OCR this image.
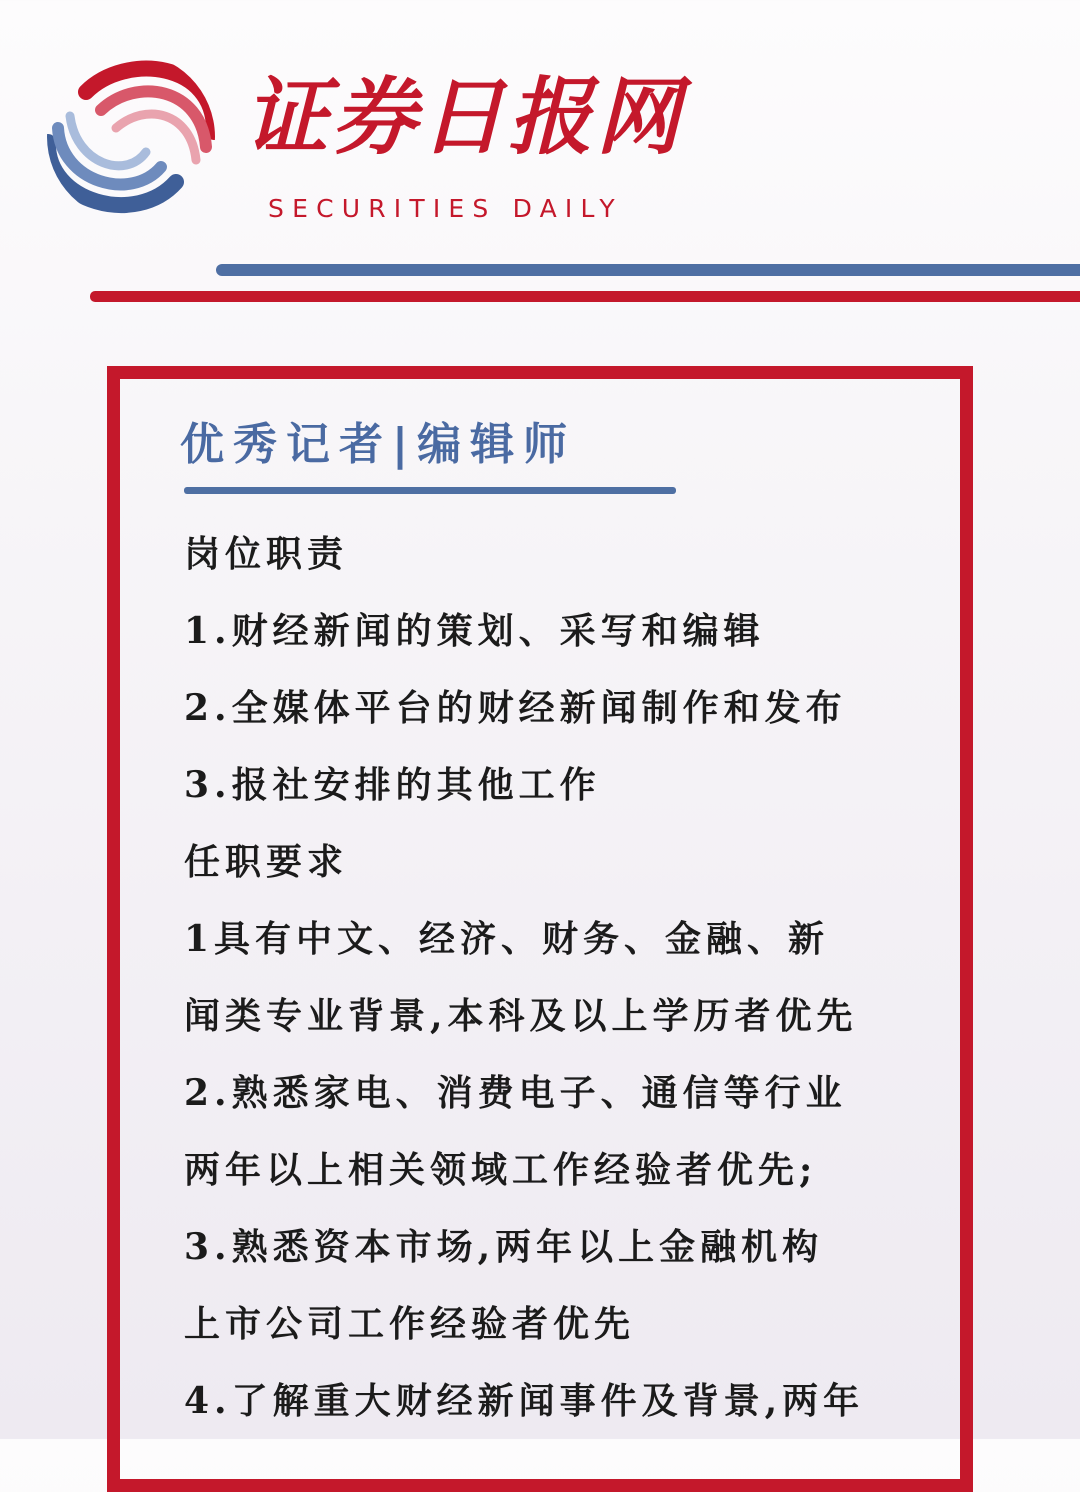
证券日报网
SECURITIES DAILY
优秀记者|编辑师
岗位职责
1.财经新闻的策划、采写和编辑
2.全媒体平台的财经新闻制作和发布
3.报社安排的其他工作
任职要求
1具有中文、经济、财务、金融、新
闻类专业背景,本科及以上学历者优先
2.熟悉家电、消费电子、通信等行业
两年以上相关领域工作经验者优先;
3.熟悉资本市场,两年以上金融机构
上市公司工作经验者优先
4.了解重大财经新闻事件及背景,两年
